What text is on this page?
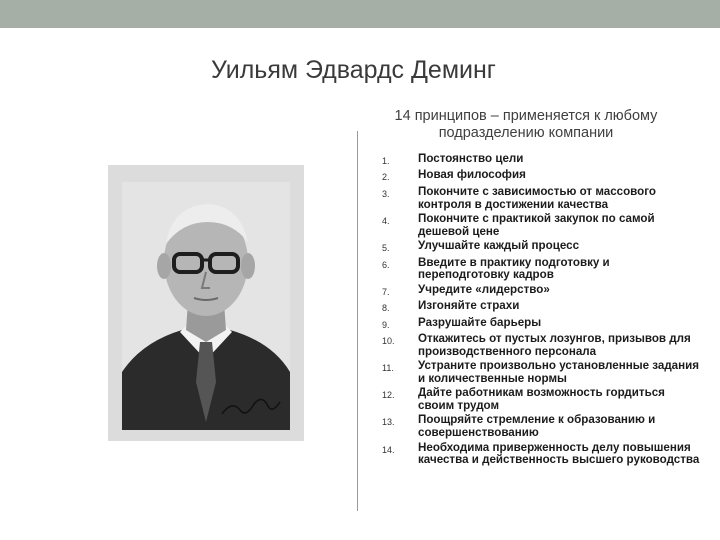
Уильям Эдвардс Деминг
14 принципов – применяется к любому подразделению компании
1.	Постоянство цели
2.	Новая философия
3.	Покончите с зависимостью от массового контроля в достижении качества
4.	Покончите с практикой закупок по самой дешевой цене
5.	Улучшайте каждый процесс
6.	Введите в практику подготовку и переподготовку кадров
7.	Учредите «лидерство»
8.	Изгоняйте страхи
9.	Разрушайте барьеры
10.	Откажитесь от пустых лозунгов, призывов для производственного персонала
11.	Устраните произвольно установленные задания и количественные нормы
12.	Дайте работникам возможность гордиться своим трудом
13.	Поощряйте стремление к образованию и совершенствованию
14.	Необходима приверженность делу повышения качества и действенность высшего руководства
